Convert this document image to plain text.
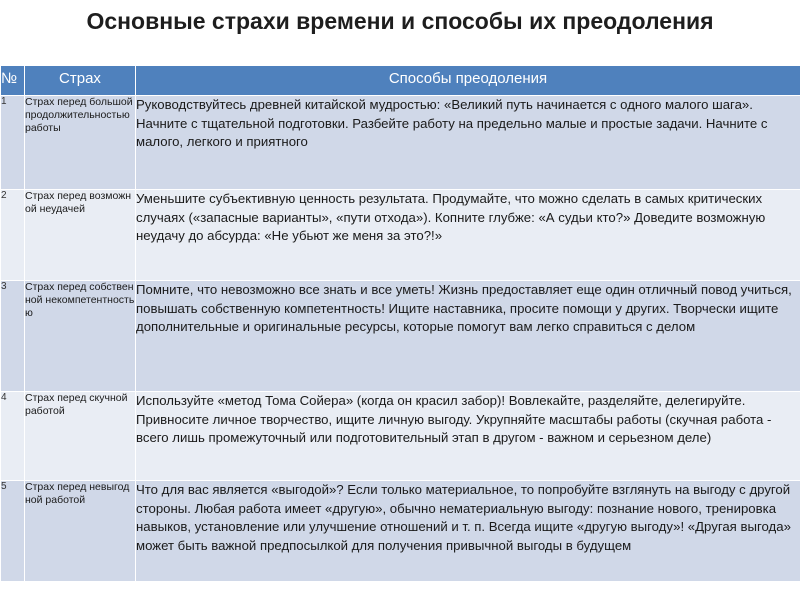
Основные страхи времени и способы их преодоления
№	Страх	Способы преодоления
1	Страх перед большой продолжительностью работы	Руководствуйтесь древней китайской мудростью: «Великий путь начинается с одного малого шага». Начните с тщательной подготовки. Разбейте работу на предельно малые и простые задачи. Начните с малого, легкого и приятного
2	Страх перед возможной неудачей	Уменьшите субъективную ценность результата. Продумайте, что можно сделать в самых критических случаях («запасные варианты», «пути отхода»). Копните глубже: «А судьи кто?» Доведите возможную неудачу до абсурда: «Не убьют же меня за это?!»
3	Страх перед собственной некомпетентностью	Помните, что невозможно все знать и все уметь! Жизнь предоставляет еще один отличный повод учиться, повышать собственную компетентность! Ищите наставника, просите помощи у других. Творчески ищите дополнительные и оригинальные ресурсы, которые помогут вам легко справиться с делом
4	Страх перед скучной работой	Используйте «метод Тома Сойера» (когда он красил забор)! Вовлекайте, разделяйте, делегируйте. Привносите личное творчество, ищите личную выгоду. Укрупняйте масштабы работы (скучная работа - всего лишь промежуточный или подготовительный этап в другом - важном и серьезном деле)
5	Страх перед невыгодной работой	Что для вас является «выгодой»? Если только материальное, то попробуйте взглянуть на выгоду с другой стороны. Любая работа имеет «другую», обычно нематериальную выгоду: познание нового, тренировка навыков, установление или улучшение отношений и т. п. Всегда ищите «другую выгоду»! «Другая выгода» может быть важной предпосылкой для получения привычной выгоды в будущем
